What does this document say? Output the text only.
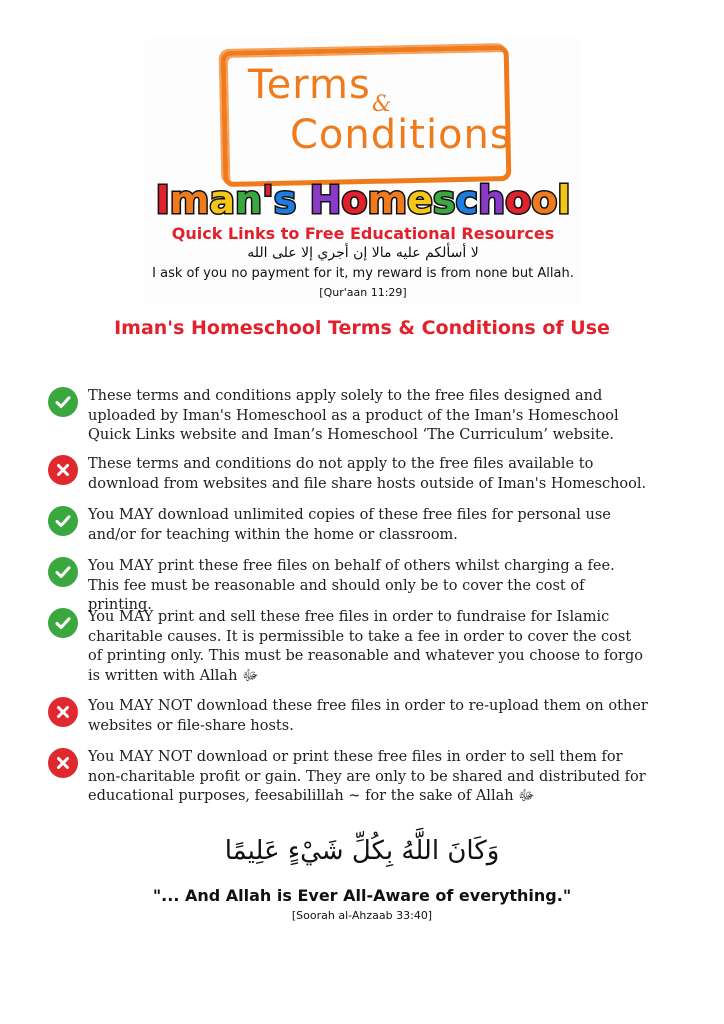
Terms &
Conditions
Iman's Homeschool
Quick Links to Free Educational Resources
لا أسألكم عليه مالا إن أجري إلا على الله
I ask of you no payment for it, my reward is from none but Allah.
[Qur'aan 11:29]
Iman's Homeschool Terms & Conditions of Use
These terms and conditions apply solely to the free files designed and uploaded by Iman's Homeschool as a product of the Iman's Homeschool Quick Links website and Iman’s Homeschool ‘The Curriculum’ website.
These terms and conditions do not apply to the free files available to download from websites and file share hosts outside of Iman's Homeschool.
You MAY download unlimited copies of these free files for personal use and/or for teaching within the home or classroom.
You MAY print these free files on behalf of others whilst charging a fee. This fee must be reasonable and should only be to cover the cost of printing.
You MAY print and sell these free files in order to fundraise for Islamic charitable causes. It is permissible to take a fee in order to cover the cost of printing only. This must be reasonable and whatever you choose to forgo is written with Allah ﷻ
You MAY NOT download these free files in order to re-upload them on other websites or file-share hosts.
You MAY NOT download or print these free files in order to sell them for non-charitable profit or gain. They are only to be shared and distributed for educational purposes, feesabilillah ~ for the sake of Allah ﷻ
وَكَانَ اللَّهُ بِكُلِّ شَيْءٍ عَلِيمًا
"... And Allah is Ever All-Aware of everything."
[Soorah al-Ahzaab 33:40]
